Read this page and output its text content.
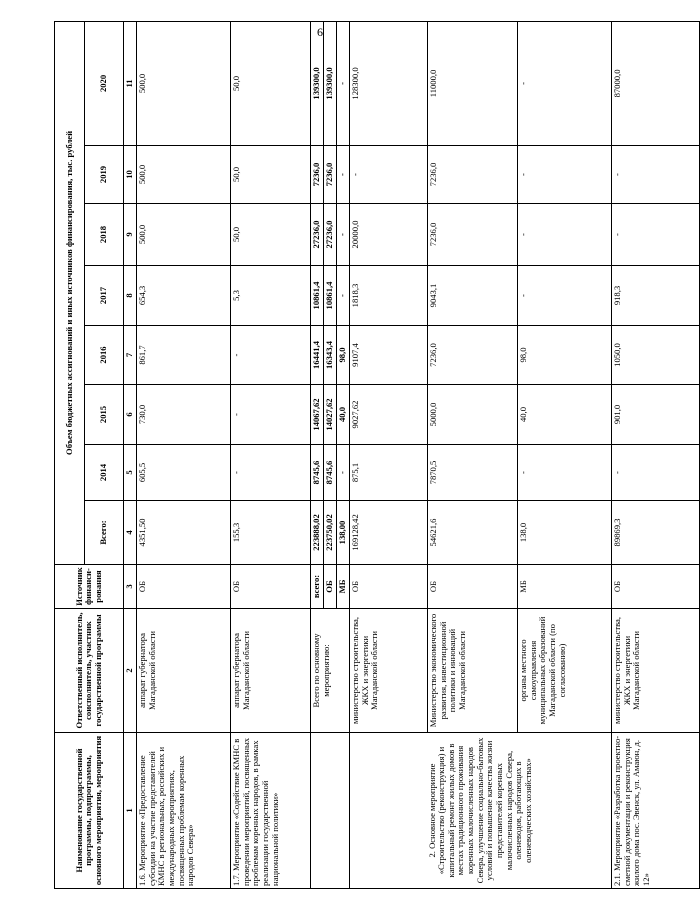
6
Наименование государственной программы, подпрограммы, основного мероприятия, мероприятия	Ответственный исполнитель, соисполнитель, участник государственной программы	Источник финанси-рования	Объем бюджетных ассигнований и иных источников финансирования, тыс. рублей							
			Всего:	2014	2015	2016	2017	2018	2019	2020
1	2	3	4	5	6	7	8	9	10	11
1.6. Мероприятие «Предоставление субсидии на участие представителей КМНС в региональных, российских и международных мероприятиях, посвященных проблемам коренных народов Севера»	аппарат губернатора Магаданской области	ОБ	4351,50	605,5	730,0	861,7	654,3	500,0	500,0	500,0
1.7. Мероприятие «Содействие КМНС в проведении мероприятий, посвященных проблемам коренных народов, в рамках реализации государственной национальной политики»	аппарат губернатора Магаданской области	ОБ	155,3	-	-	-	5,3	50,0	50,0	50,0
	Всего по основному мероприятию:	всего:	223888,02	8745,6	14067,62	16441,4	10861,4	27236,0	7236,0	139300,0
		ОБ	223750,02	8745,6	14027,62	16343,4	10861,4	27236,0	7236,0	139300,0
		МБ	138,00	-	40,0	98,0	-	-	-	-
2. Основное мероприятие «Строительство (реконструкция) и капитальный ремонт жилых домов в местах традиционного проживания коренных малочисленных народов Севера, улучшение социально-бытовых условий и повышение качества жизни представителей коренных малочисленных народов Севера, оленеводов, работающих в оленеводческих хозяйствах»	министерство строительства, ЖКХ и энергетики Магаданской области	ОБ	169128,42	875,1	9027,62	9107,4	1818,3	20000,0	-	128300,0
	Министерство экономического развития, инвестиционной политики и инноваций Магаданской области	ОБ	54621,6	7870,5	5000,0	7236,0	9043,1	7236,0	7236,0	11000,0
	органы местного самоуправления муниципальных образований Магаданской области (по согласованию)	МБ	138,0	-	40,0	98,0	-	-	-	-
2.1. Мероприятие «Разработка проектно-сметной документации и реконструкция жилого дома пос. Эвенск, ул. Амаюн, д. 12»	министерство строительства, ЖКХ и энергетики Магаданской области	ОБ	89869,3	-	901,0	1050,0	918,3	-	-	87000,0
